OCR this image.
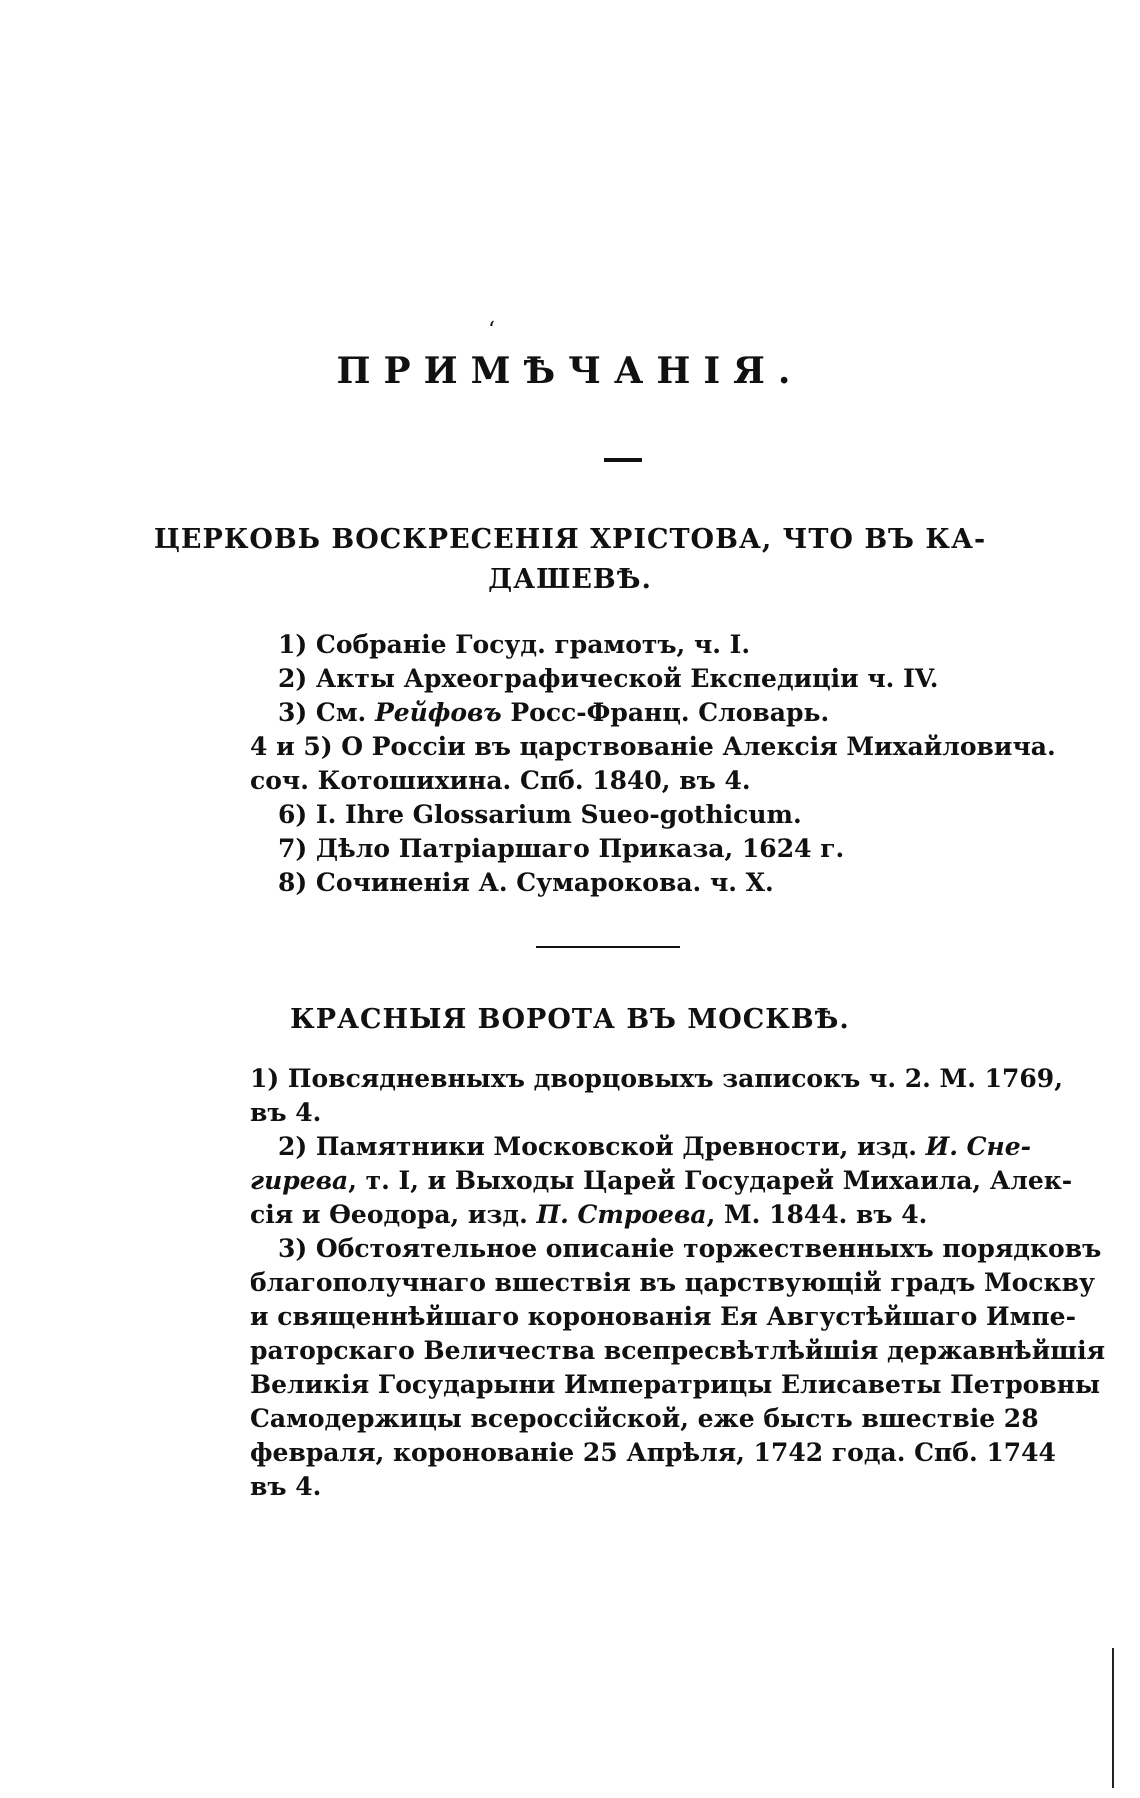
‘
ПРИМѢЧАНІЯ.
ЦЕРКОВЬ ВОСКРЕСЕНІЯ ХРІСТОВА, ЧТО ВЪ КА-
ДАШЕВѢ.
1) Собраніе Госуд. грамотъ, ч. I.
2) Акты Археографической Експедиціи ч. IV.
3) См. Рейфовъ Росс-Франц. Словарь.
4 и 5) О Россіи въ царствованіе Алексія Михайловича.
соч. Котошихина. Спб. 1840, въ 4.
6) I. Ihre Glossarium Sueo-gothicum.
7) Дѣло Патріаршаго Приказа, 1624 г.
8) Сочиненія А. Сумарокова. ч. X.
КРАСНЫЯ ВОРОТА ВЪ МОСКВѢ.
1) Повсядневныхъ дворцовыхъ записокъ ч. 2. М. 1769,
въ 4.
2) Памятники Московской Древности, изд. И. Сне-
гирева, т. I, и Выходы Царей Государей Михаила, Алек-
сія и Ѳеодора, изд. П. Строева, М. 1844. въ 4.
3) Обстоятельное описаніе торжественныхъ порядковъ
благополучнаго вшествія въ царствующій градъ Москву
и священнѣйшаго коронованія Ея Августѣйшаго Импе-
раторскаго Величества всепресвѣтлѣйшія державнѣйшія
Великія Государыни Императрицы Елисаветы Петровны
Самодержицы всероссійской, еже бысть вшествіе 28
февраля, коронованіе 25 Апрѣля, 1742 года. Спб. 1744
въ 4.
